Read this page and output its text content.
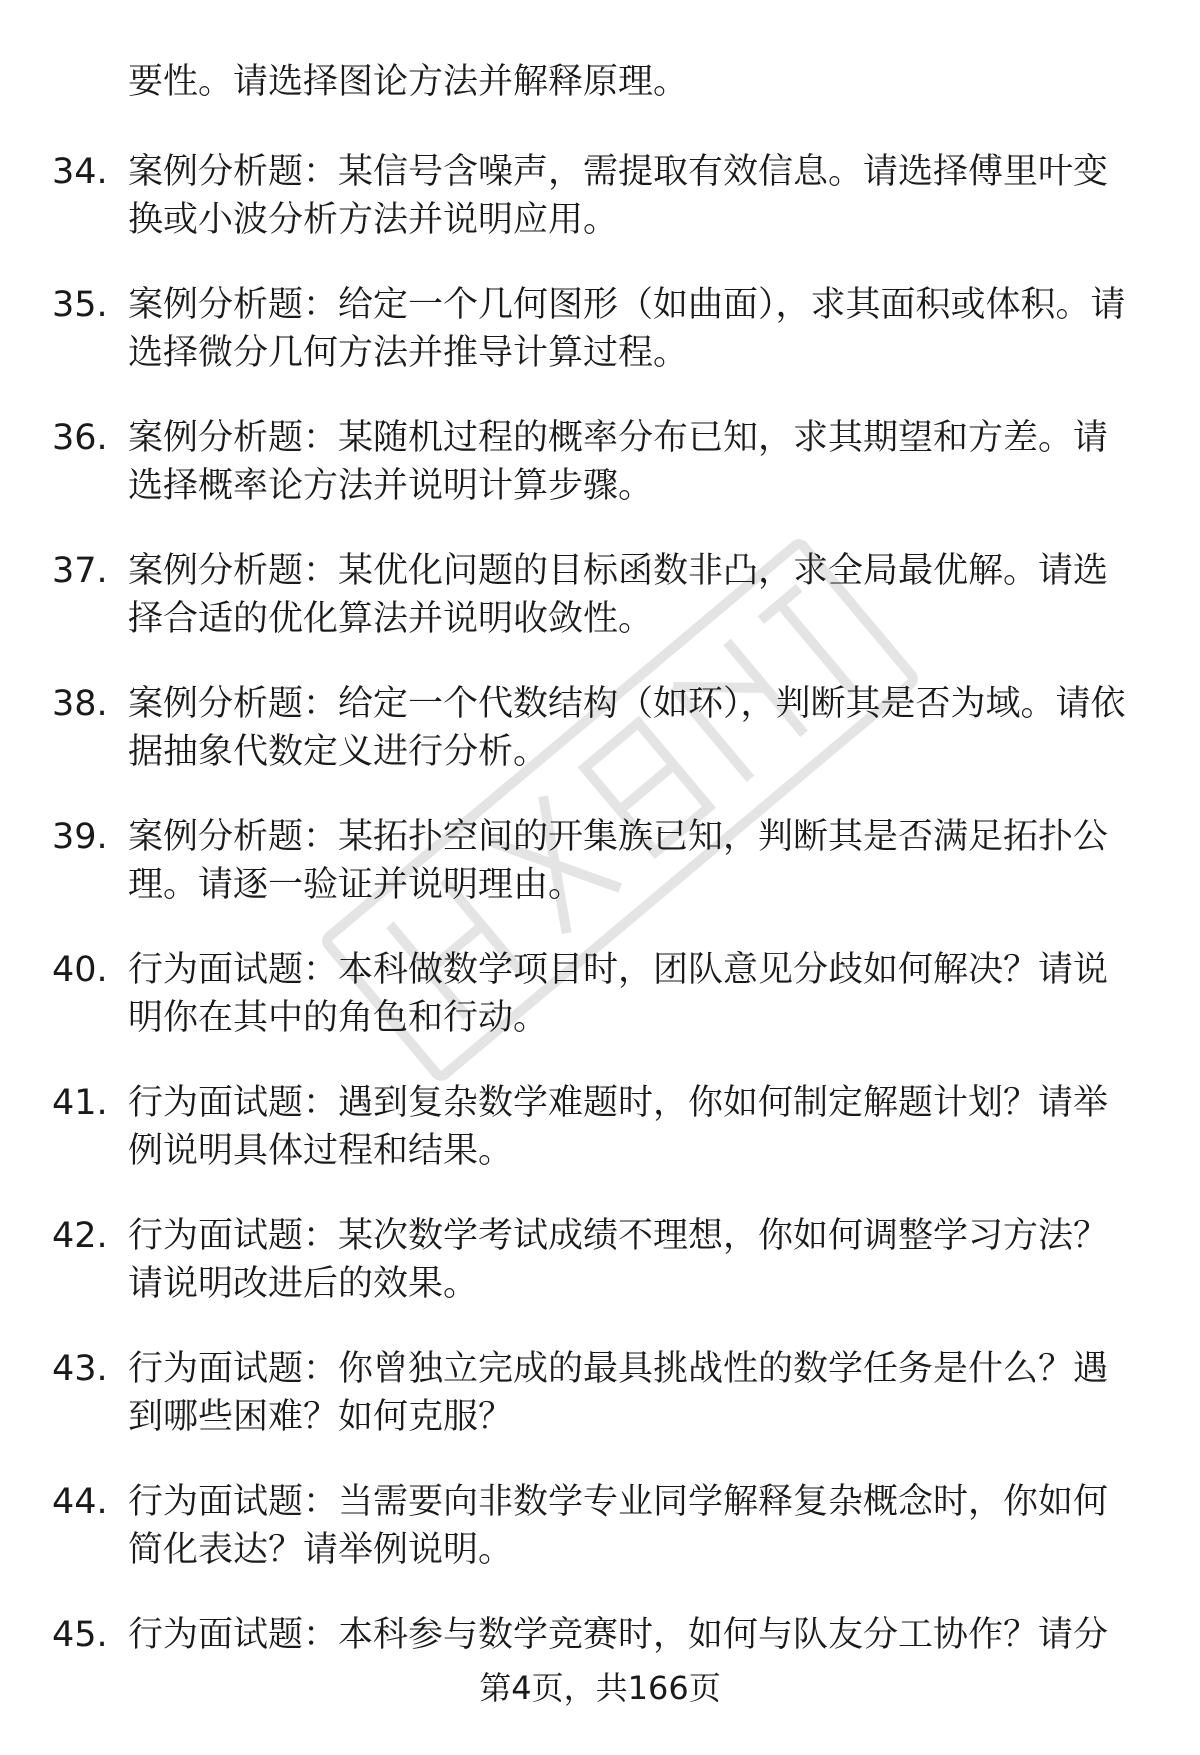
要性。请选择图论方法并解释原理。

34. 案例分析题：某信号含噪声，需提取有效信息。请选择傅里叶变换或小波分析方法并说明应用。

35. 案例分析题：给定一个几何图形（如曲面），求其面积或体积。请选择微分几何方法并推导计算过程。

36. 案例分析题：某随机过程的概率分布已知，求其期望和方差。请选择概率论方法并说明计算步骤。

37. 案例分析题：某优化问题的目标函数非凸，求全局最优解。请选择合适的优化算法并说明收敛性。

38. 案例分析题：给定一个代数结构（如环），判断其是否为域。请依据抽象代数定义进行分析。

39. 案例分析题：某拓扑空间的开集族已知，判断其是否满足拓扑公理。请逐一验证并说明理由。

40. 行为面试题：本科做数学项目时，团队意见分歧如何解决？请说明你在其中的角色和行动。

41. 行为面试题：遇到复杂数学难题时，你如何制定解题计划？请举例说明具体过程和结果。

42. 行为面试题：某次数学考试成绩不理想，你如何调整学习方法？请说明改进后的效果。

43. 行为面试题：你曾独立完成的最具挑战性的数学任务是什么？遇到哪些困难？如何克服？

44. 行为面试题：当需要向非数学专业同学解释复杂概念时，你如何简化表达？请举例说明。

45. 行为面试题：本科参与数学竞赛时，如何与队友分工协作？请分

第4页，共166页
